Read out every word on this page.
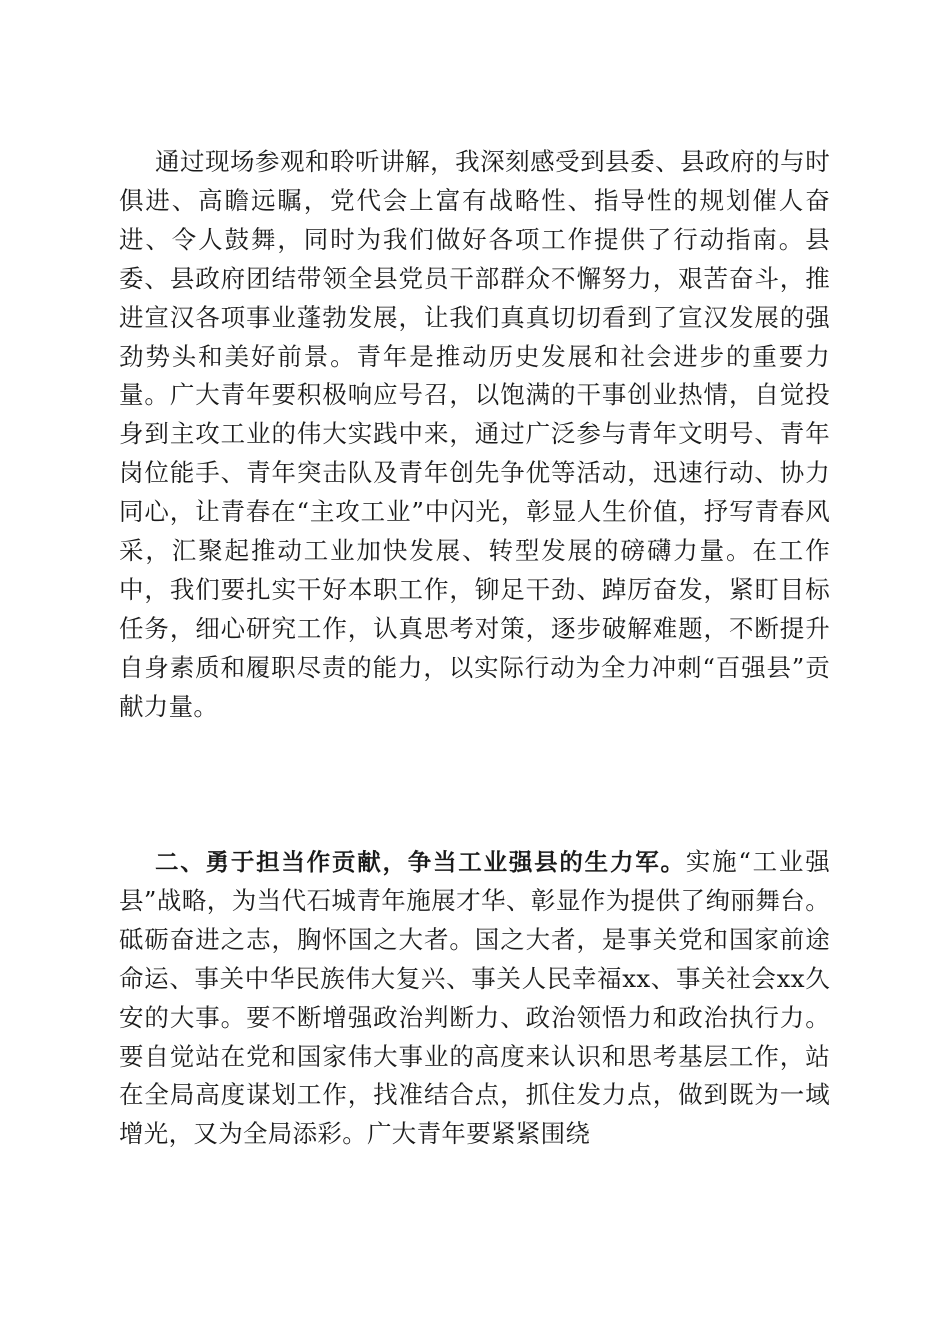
通过现场参观和聆听讲解，我深刻感受到县委、县政府的与时俱进、高瞻远瞩，党代会上富有战略性、指导性的规划催人奋进、令人鼓舞，同时为我们做好各项工作提供了行动指南。县委、县政府团结带领全县党员干部群众不懈努力，艰苦奋斗，推进宣汉各项事业蓬勃发展，让我们真真切切看到了宣汉发展的强劲势头和美好前景。青年是推动历史发展和社会进步的重要力量。广大青年要积极响应号召，以饱满的干事创业热情，自觉投身到主攻工业的伟大实践中来，通过广泛参与青年文明号、青年岗位能手、青年突击队及青年创先争优等活动，迅速行动、协力同心，让青春在“主攻工业”中闪光，彰显人生价值，抒写青春风采，汇聚起推动工业加快发展、转型发展的磅礴力量。在工作中，我们要扎实干好本职工作，铆足干劲、踔厉奋发，紧盯目标任务，细心研究工作，认真思考对策，逐步破解难题，不断提升自身素质和履职尽责的能力，以实际行动为全力冲刺“百强县”贡献力量。

二、勇于担当作贡献，争当工业强县的生力军。实施“工业强县”战略，为当代石城青年施展才华、彰显作为提供了绚丽舞台。砥砺奋进之志，胸怀国之大者。国之大者，是事关党和国家前途命运、事关中华民族伟大复兴、事关人民幸福xx、事关社会xx久安的大事。要不断增强政治判断力、政治领悟力和政治执行力。要自觉站在党和国家伟大事业的高度来认识和思考基层工作，站在全局高度谋划工作，找准结合点，抓住发力点，做到既为一域增光，又为全局添彩。广大青年要紧紧围绕
